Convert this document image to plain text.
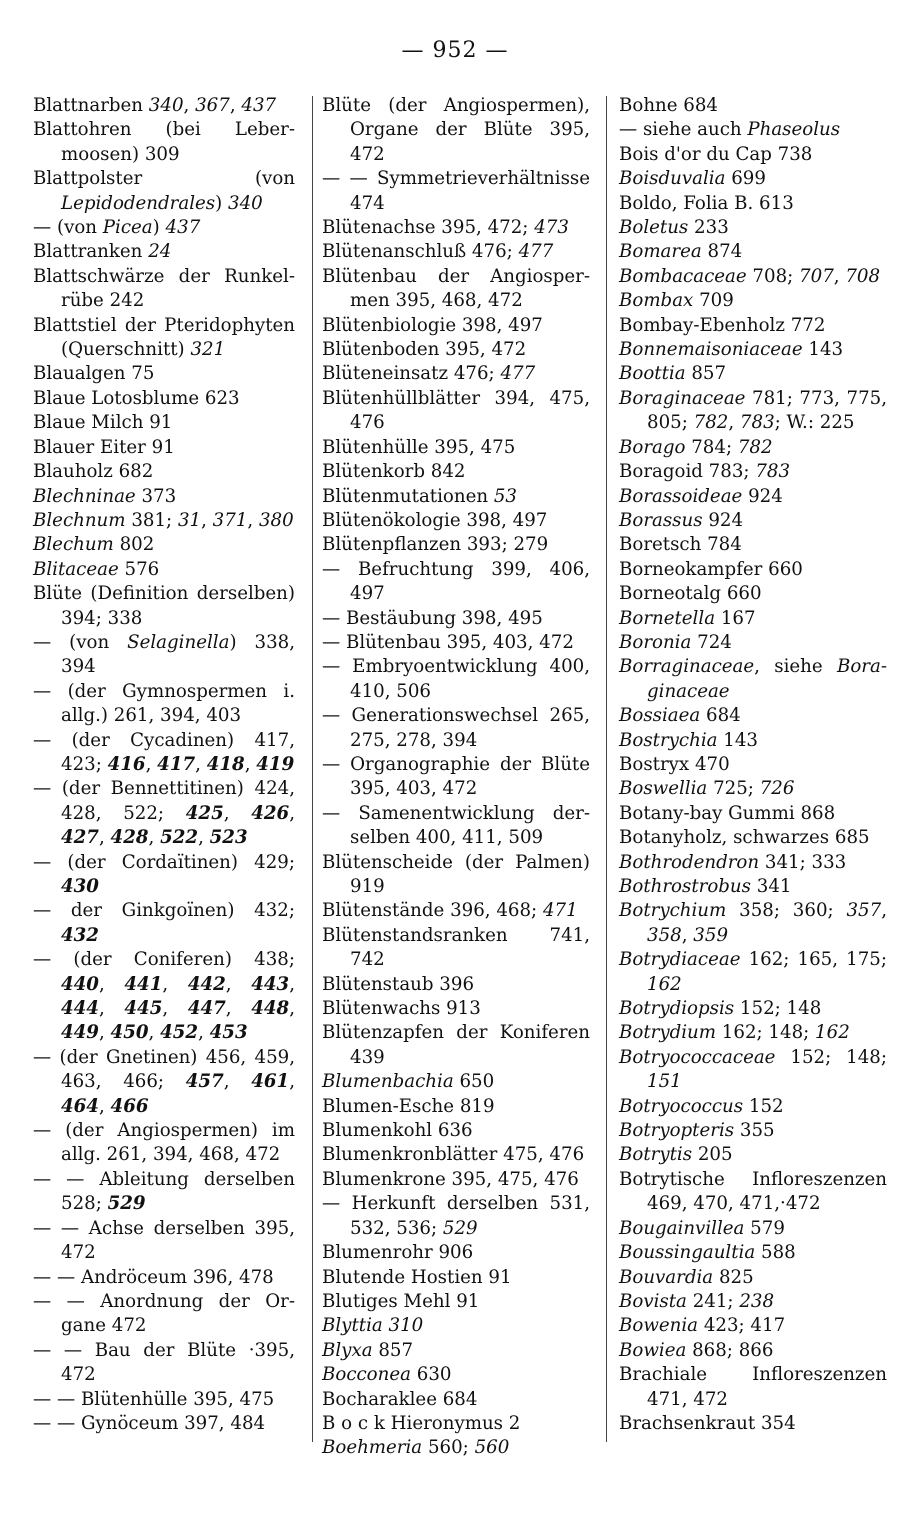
— 952 —

Blattnarben 340, 367, 437

Blattohren (bei Lebermoosen) 309

Blattpolster (von Lepidodendrales) 340

— (von Picea) 437

Blattranken 24

Blattschwärze der Runkelrübe 242

Blattstiel der Pteridophyten (Querschnitt) 321

Blaualgen 75

Blaue Lotosblume 623

Blaue Milch 91

Blauer Eiter 91

Blauholz 682

Blechninae 373

Blechnum 381; 31, 371, 380

Blechum 802

Blitaceae 576

Blüte (Definition derselben) 394; 338

— (von Selaginella) 338, 394

— (der Gymnospermen i. allg.) 261, 394, 403

— (der Cycadinen) 417, 423; 416, 417, 418, 419

— (der Bennettitinen) 424, 428, 522; 425, 426, 427, 428, 522, 523

— (der Cordaïtinen) 429; 430

— der Ginkgoïnen) 432; 432

— (der Coniferen) 438; 440, 441, 442, 443, 444, 445, 447, 448, 449, 450, 452, 453

— (der Gnetinen) 456, 459, 463, 466; 457, 461, 464, 466

— (der Angiospermen) im allg. 261, 394, 468, 472

— — Ableitung derselben 528; 529

— — Achse derselben 395, 472

— — Andröceum 396, 478

— — Anordnung der Organe 472

— — Bau der Blüte ·395, 472

— — Blütenhülle 395, 475

— — Gynöceum 397, 484

Blüte (der Angiospermen), Organe der Blüte 395, 472

— — Symmetrieverhältnisse 474

Blütenachse 395, 472; 473

Blütenanschluß 476; 477

Blütenbau der Angiospermen 395, 468, 472

Blütenbiologie 398, 497

Blütenboden 395, 472

Blüteneinsatz 476; 477

Blütenhüllblätter 394, 475, 476

Blütenhülle 395, 475

Blütenkorb 842

Blütenmutationen 53

Blütenökologie 398, 497

Blütenpflanzen 393; 279

— Befruchtung 399, 406, 497

— Bestäubung 398, 495

— Blütenbau 395, 403, 472

— Embryoentwicklung 400, 410, 506

— Generationswechsel 265, 275, 278, 394

— Organographie der Blüte 395, 403, 472

— Samenentwicklung derselben 400, 411, 509

Blütenscheide (der Palmen) 919

Blütenstände 396, 468; 471

Blütenstandsranken 741, 742

Blütenstaub 396

Blütenwachs 913

Blütenzapfen der Koniferen 439

Blumenbachia 650

Blumen-Esche 819

Blumenkohl 636

Blumenkronblätter 475, 476

Blumenkrone 395, 475, 476

— Herkunft derselben 531, 532, 536; 529

Blumenrohr 906

Blutende Hostien 91

Blutiges Mehl 91

Blyttia 310

Blyxa 857

Bocconea 630

Bocharaklee 684

B o c k Hieronymus 2

Boehmeria 560; 560

Bohne 684

— siehe auch Phaseolus

Bois d'or du Cap 738

Boisduvalia 699

Boldo, Folia B. 613

Boletus 233

Bomarea 874

Bombacaceae 708; 707, 708

Bombax 709

Bombay-Ebenholz 772

Bonnemaisoniaceae 143

Boottia 857

Boraginaceae 781; 773, 775, 805; 782, 783; W.: 225

Borago 784; 782

Boragoid 783; 783

Borassoideae 924

Borassus 924

Boretsch 784

Borneokampfer 660

Borneotalg 660

Bornetella 167

Boronia 724

Borraginaceae, siehe Boraginaceae

Bossiaea 684

Bostrychia 143

Bostryx 470

Boswellia 725; 726

Botany-bay Gummi 868

Botanyholz, schwarzes 685

Bothrodendron 341; 333

Bothrostrobus 341

Botrychium 358; 360; 357, 358, 359

Botrydiaceae 162; 165, 175; 162

Botrydiopsis 152; 148

Botrydium 162; 148; 162

Botryococcaceae 152; 148; 151

Botryococcus 152

Botryopteris 355

Botrytis 205

Botrytische Infloreszenzen 469, 470, 471,·472

Bougainvillea 579

Boussingaultia 588

Bouvardia 825

Bovista 241; 238

Bowenia 423; 417

Bowiea 868; 866

Brachiale Infloreszenzen 471, 472

Brachsenkraut 354
